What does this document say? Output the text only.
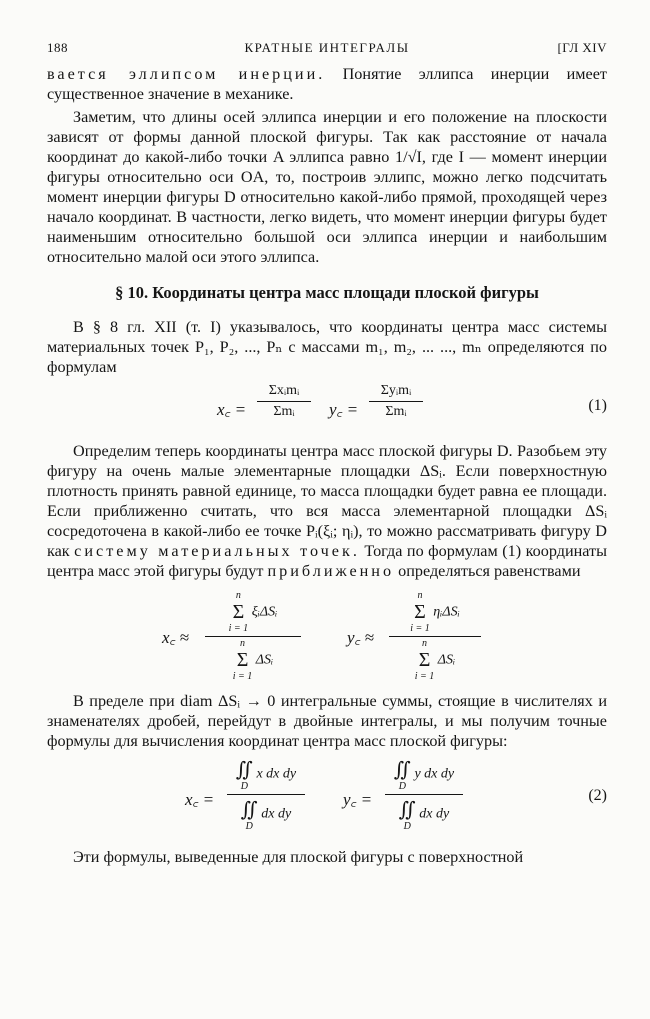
188	КРАТНЫЕ ИНТЕГРАЛЫ	[ГЛ XIV

вается эллипсом инерции. Понятие эллипса инерции имеет существенное значение в механике.

Заметим, что длины осей эллипса инерции и его положение на плоскости зависят от формы данной плоской фигуры. Так как расстояние от начала координат до какой-либо точки A эллипса равно 1/√I, где I — момент инерции фигуры относительно оси OA, то, построив эллипс, можно легко подсчитать момент инерции фигуры D относительно какой-либо прямой, проходящей через начало координат. В частности, легко видеть, что момент инерции фигуры будет наименьшим относительно большой оси эллипса инерции и наибольшим относительно малой оси этого эллипса.

§ 10. Координаты центра масс площади плоской фигуры

В § 8 гл. XII (т. I) указывалось, что координаты центра масс системы материальных точек P₁, P₂, ..., Pₙ с массами m₁, m₂, ... ..., mₙ определяются по формулам

x꜀ =
Σxᵢmᵢ
Σmᵢ	y꜀ =
Σyᵢmᵢ
Σmᵢ	(1)

Определим теперь координаты центра масс плоской фигуры D. Разобьем эту фигуру на очень малые элементарные площадки ΔSᵢ. Если поверхностную плотность принять равной единице, то масса площадки будет равна ее площади. Если приближенно считать, что вся масса элементарной площадки ΔSᵢ сосредоточена в какой-либо ее точке Pᵢ(ξᵢ; ηᵢ), то можно рассматривать фигуру D как систему материальных точек. Тогда по формулам (1) координаты центра масс этой фигуры будут приближенно определяться равенствами

x꜀ ≈
n
Σ
i = 1
ξᵢΔSᵢ
n
Σ
i = 1
ΔSᵢ
y꜀ ≈
n
Σ
i = 1
ηᵢΔSᵢ
n
Σ
i = 1
ΔSᵢ

В пределе при diam ΔSᵢ → 0 интегральные суммы, стоящие в числителях и знаменателях дробей, перейдут в двойные интегралы, и мы получим точные формулы для вычисления координат центра масс плоской фигуры:

x꜀ =
∬
D
x dx dy
∬
D
dx dy
y꜀ =
∬
D
y dx dy
∬
D
dx dy
(2)

Эти формулы, выведенные для плоской фигуры с поверхностной
